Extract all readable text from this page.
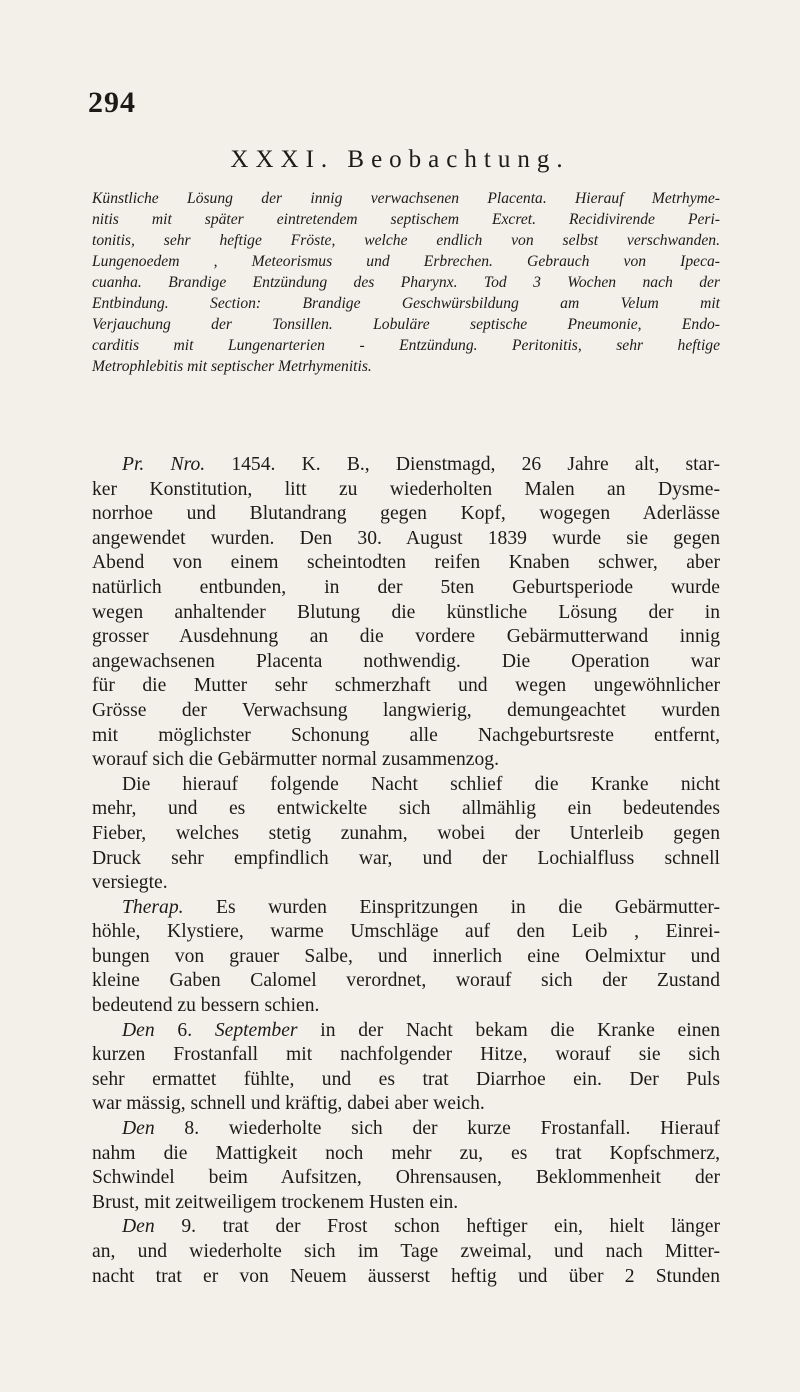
294
XXXI. Beobachtung.
Künstliche Lösung der innig verwachsenen Placenta. Hierauf Metrhyme-
nitis mit später eintretendem septischem Excret. Recidivirende Peri-
tonitis, sehr heftige Fröste, welche endlich von selbst verschwanden.
Lungenoedem , Meteorismus und Erbrechen. Gebrauch von Ipeca-
cuanha. Brandige Entzündung des Pharynx. Tod 3 Wochen nach der
Entbindung. Section: Brandige Geschwürsbildung am Velum mit
Verjauchung der Tonsillen. Lobuläre septische Pneumonie, Endo-
carditis mit Lungenarterien - Entzündung. Peritonitis, sehr heftige
Metrophlebitis mit septischer Metrhymenitis.
Pr. Nro. 1454. K. B., Dienstmagd, 26 Jahre alt, star-
ker Konstitution, litt zu wiederholten Malen an Dysme-
norrhoe und Blutandrang gegen Kopf, wogegen Aderlässe
angewendet wurden. Den 30. August 1839 wurde sie gegen
Abend von einem scheintodten reifen Knaben schwer, aber
natürlich entbunden, in der 5ten Geburtsperiode wurde
wegen anhaltender Blutung die künstliche Lösung der in
grosser Ausdehnung an die vordere Gebärmutterwand innig
angewachsenen Placenta nothwendig. Die Operation war
für die Mutter sehr schmerzhaft und wegen ungewöhnlicher
Grösse der Verwachsung langwierig, demungeachtet wurden
mit möglichster Schonung alle Nachgeburtsreste entfernt,
worauf sich die Gebärmutter normal zusammenzog.
Die hierauf folgende Nacht schlief die Kranke nicht
mehr, und es entwickelte sich allmählig ein bedeutendes
Fieber, welches stetig zunahm, wobei der Unterleib gegen
Druck sehr empfindlich war, und der Lochialfluss schnell
versiegte.
Therap. Es wurden Einspritzungen in die Gebärmutter-
höhle, Klystiere, warme Umschläge auf den Leib , Einrei-
bungen von grauer Salbe, und innerlich eine Oelmixtur und
kleine Gaben Calomel verordnet, worauf sich der Zustand
bedeutend zu bessern schien.
Den 6. September in der Nacht bekam die Kranke einen
kurzen Frostanfall mit nachfolgender Hitze, worauf sie sich
sehr ermattet fühlte, und es trat Diarrhoe ein. Der Puls
war mässig, schnell und kräftig, dabei aber weich.
Den 8. wiederholte sich der kurze Frostanfall. Hierauf
nahm die Mattigkeit noch mehr zu, es trat Kopfschmerz,
Schwindel beim Aufsitzen, Ohrensausen, Beklommenheit der
Brust, mit zeitweiligem trockenem Husten ein.
Den 9. trat der Frost schon heftiger ein, hielt länger
an, und wiederholte sich im Tage zweimal, und nach Mitter-
nacht trat er von Neuem äusserst heftig und über 2 Stunden
